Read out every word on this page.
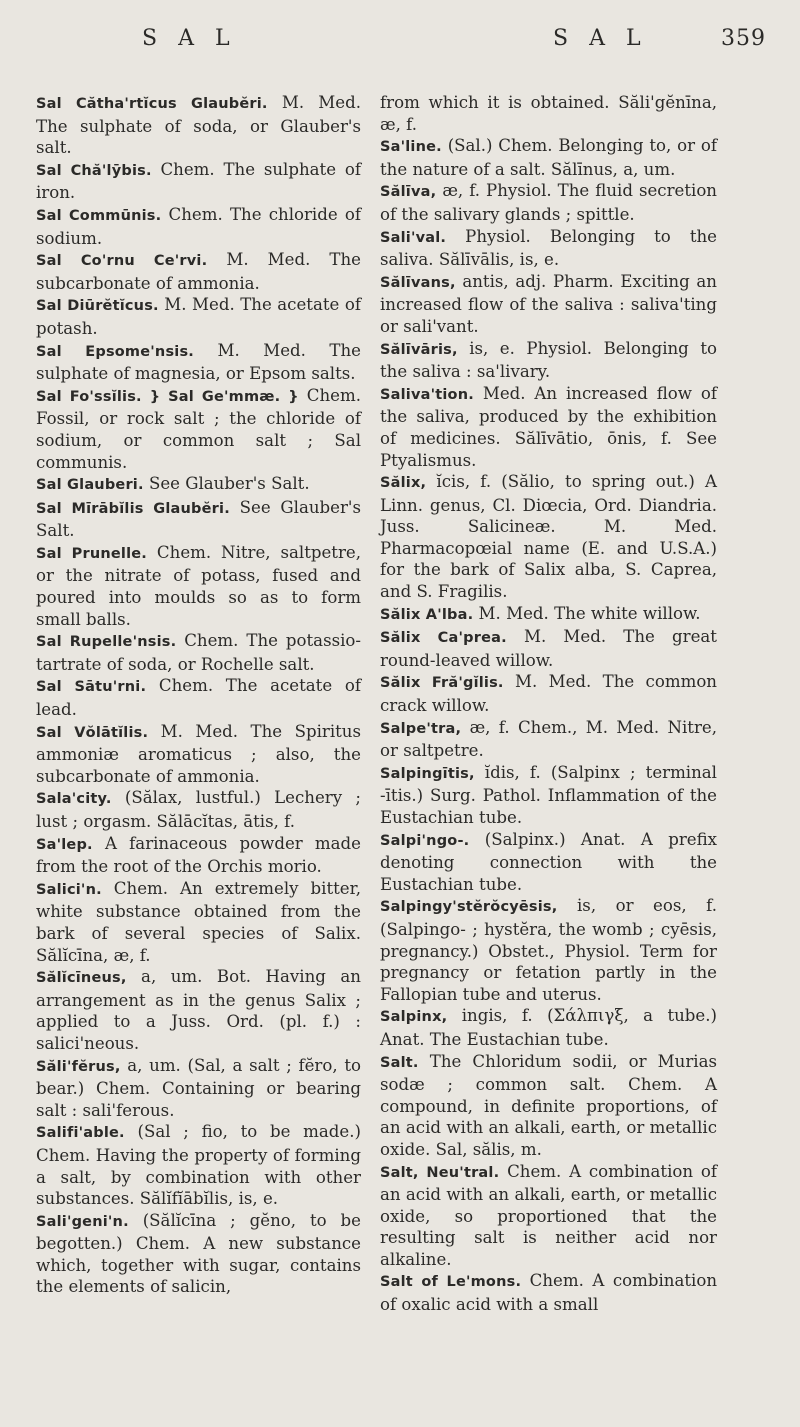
S A L	S A L	359

Sal Cătha'rtĭcus Glaubĕri. M. Med. The sulphate of soda, or Glauber's salt.

Sal Chă'lȳbis. Chem. The sulphate of iron.

Sal Commūnis. Chem. The chloride of sodium.

Sal Co'rnu Ce'rvi. M. Med. The subcarbonate of ammonia.

Sal Diūrĕtĭcus. M. Med. The acetate of potash.

Sal Epsome'nsis. M. Med. The sulphate of magnesia, or Epsom salts.

Sal Fo'ssĭlis. } Sal Ge'mmæ. } Chem. Fossil, or rock salt ; the chloride of sodium, or common salt ; Sal communis.

Sal Glauberi. See Glauber's Salt.

Sal Mīrābĭlis Glaubĕri. See Glauber's Salt.

Sal Prunelle. Chem. Nitre, saltpetre, or the nitrate of potass, fused and poured into moulds so as to form small balls.

Sal Rupelle'nsis. Chem. The potassio-tartrate of soda, or Rochelle salt.

Sal Sātu'rni. Chem. The acetate of lead.

Sal Vŏlātĭlis. M. Med. The Spiritus ammoniæ aromaticus ; also, the subcarbonate of ammonia.

Sala'city. (Sălax, lustful.) Lechery ; lust ; orgasm. Sălācĭtas, ātis, f.

Sa'lep. A farinaceous powder made from the root of the Orchis morio.

Salici'n. Chem. An extremely bitter, white substance obtained from the bark of several species of Salix. Sălĭcīna, æ, f.

Sălĭcīneus, a, um. Bot. Having an arrangement as in the genus Salix ; applied to a Juss. Ord. (pl. f.) : salici'neous.

Săli'fĕrus, a, um. (Sal, a salt ; fĕro, to bear.) Chem. Containing or bearing salt : sali'ferous.

Salifi'able. (Sal ; fio, to be made.) Chem. Having the property of forming a salt, by combination with other substances. Sălĭfĭābĭlis, is, e.

Sali'geni'n. (Sălĭcīna ; gĕno, to be begotten.) Chem. A new substance which, together with sugar, contains the elements of salicin,

from which it is obtained. Săli'gĕnīna, æ, f.

Sa'line. (Sal.) Chem. Belonging to, or of the nature of a salt. Sălīnus, a, um.

Sălīva, æ, f. Physiol. The fluid secretion of the salivary glands ; spittle.

Sali'val. Physiol. Belonging to the saliva. Sălīvālis, is, e.

Sălīvans, antis, adj. Pharm. Exciting an increased flow of the saliva : saliva'ting or sali'vant.

Sălīvāris, is, e. Physiol. Belonging to the saliva : sa'livary.

Saliva'tion. Med. An increased flow of the saliva, produced by the exhibition of medicines. Sălīvātio, ōnis, f. See Ptyalismus.

Sălix, ĭcis, f. (Sălio, to spring out.) A Linn. genus, Cl. Diœcia, Ord. Diandria. Juss. Salicineæ. M. Med. Pharmacopœial name (E. and U.S.A.) for the bark of Salix alba, S. Caprea, and S. Fragilis.

Sălix A'lba. M. Med. The white willow.

Sălix Ca'prea. M. Med. The great round-leaved willow.

Sălix Fră'gĭlis. M. Med. The common crack willow.

Salpe'tra, æ, f. Chem., M. Med. Nitre, or saltpetre.

Salpingītis, ĭdis, f. (Salpinx ; terminal -ītis.) Surg. Pathol. Inflammation of the Eustachian tube.

Salpi'ngo-. (Salpinx.) Anat. A prefix denoting connection with the Eustachian tube.

Salpingy'stĕrŏcyēsis, is, or eos, f. (Salpingo- ; hystĕra, the womb ; cyēsis, pregnancy.) Obstet., Physiol. Term for pregnancy or fetation partly in the Fallopian tube and uterus.

Salpinx, ingis, f. (Σάλπιγξ, a tube.) Anat. The Eustachian tube.

Salt. The Chloridum sodii, or Murias sodæ ; common salt. Chem. A compound, in definite proportions, of an acid with an alkali, earth, or metallic oxide. Sal, sălis, m.

Salt, Neu'tral. Chem. A combination of an acid with an alkali, earth, or metallic oxide, so proportioned that the resulting salt is neither acid nor alkaline.

Salt of Le'mons. Chem. A combination of oxalic acid with a small
